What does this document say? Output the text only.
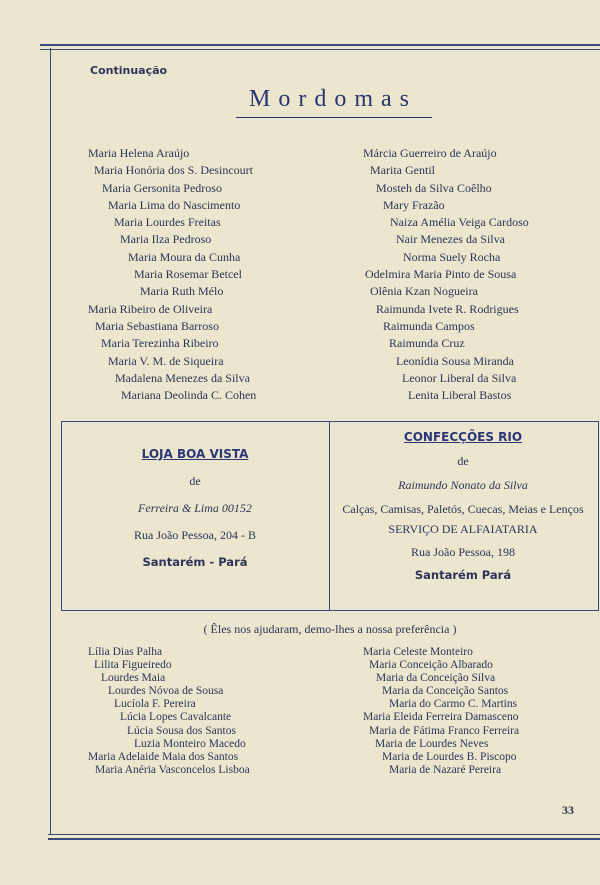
Continuação
Mordomas
Maria Helena Araújo
Maria Honória dos S. Desincourt
Maria Gersonita Pedroso
Maria Lima do Nascimento
Maria Lourdes Freitas
Maria Ilza Pedroso
Maria Moura da Cunha
Maria Rosemar Betcel
Maria Ruth Mélo
Maria Ribeiro de Oliveira
Maria Sebastiana Barroso
Maria Terezinha Ribeiro
Maria V. M. de Siqueira
Madalena Menezes da Silva
Mariana Deolinda C. Cohen
Márcia Guerreiro de Araújo
Marita Gentil
Mosteh da Silva Coêlho
Mary Frazão
Naiza Amélia Veiga Cardoso
Nair Menezes da Silva
Norma Suely Rocha
Odelmira Maria Pinto de Sousa
Olênia Kzan Nogueira
Raimunda Ivete R. Rodrigues
Raimunda Campos
Raimunda Cruz
Leonídia Sousa Miranda
Leonor Liberal da Silva
Lenita Liberal Bastos
LOJA BOA VISTA
de
Ferreira & Lima 00152
Rua João Pessoa, 204 - B
Santarém - Pará
CONFECÇÕES RIO
de
Raimundo Nonato da Silva
Calças, Camisas, Paletós, Cuecas, Meias e Lenços
SERVIÇO DE ALFAIATARIA
Rua João Pessoa, 198
Santarém Pará
( Êles nos ajudaram, demo-lhes a nossa preferência )
Lília Dias Palha
Lilita Figueiredo
Lourdes Maia
Lourdes Nóvoa de Sousa
Lucíola F. Pereira
Lúcia Lopes Cavalcante
Lúcia Sousa dos Santos
Luzia Monteiro Macedo
Maria Adelaide Maia dos Santos
Maria Anéria Vasconcelos Lisboa
Maria Celeste Monteiro
Maria Conceição Albarado
Maria da Conceição Silva
Maria da Conceição Santos
Maria do Carmo C. Martins
Maria Eleida Ferreira Damasceno
Maria de Fátima Franco Ferreira
Maria de Lourdes Neves
Maria de Lourdes B. Piscopo
Maria de Nazaré Pereira
33
